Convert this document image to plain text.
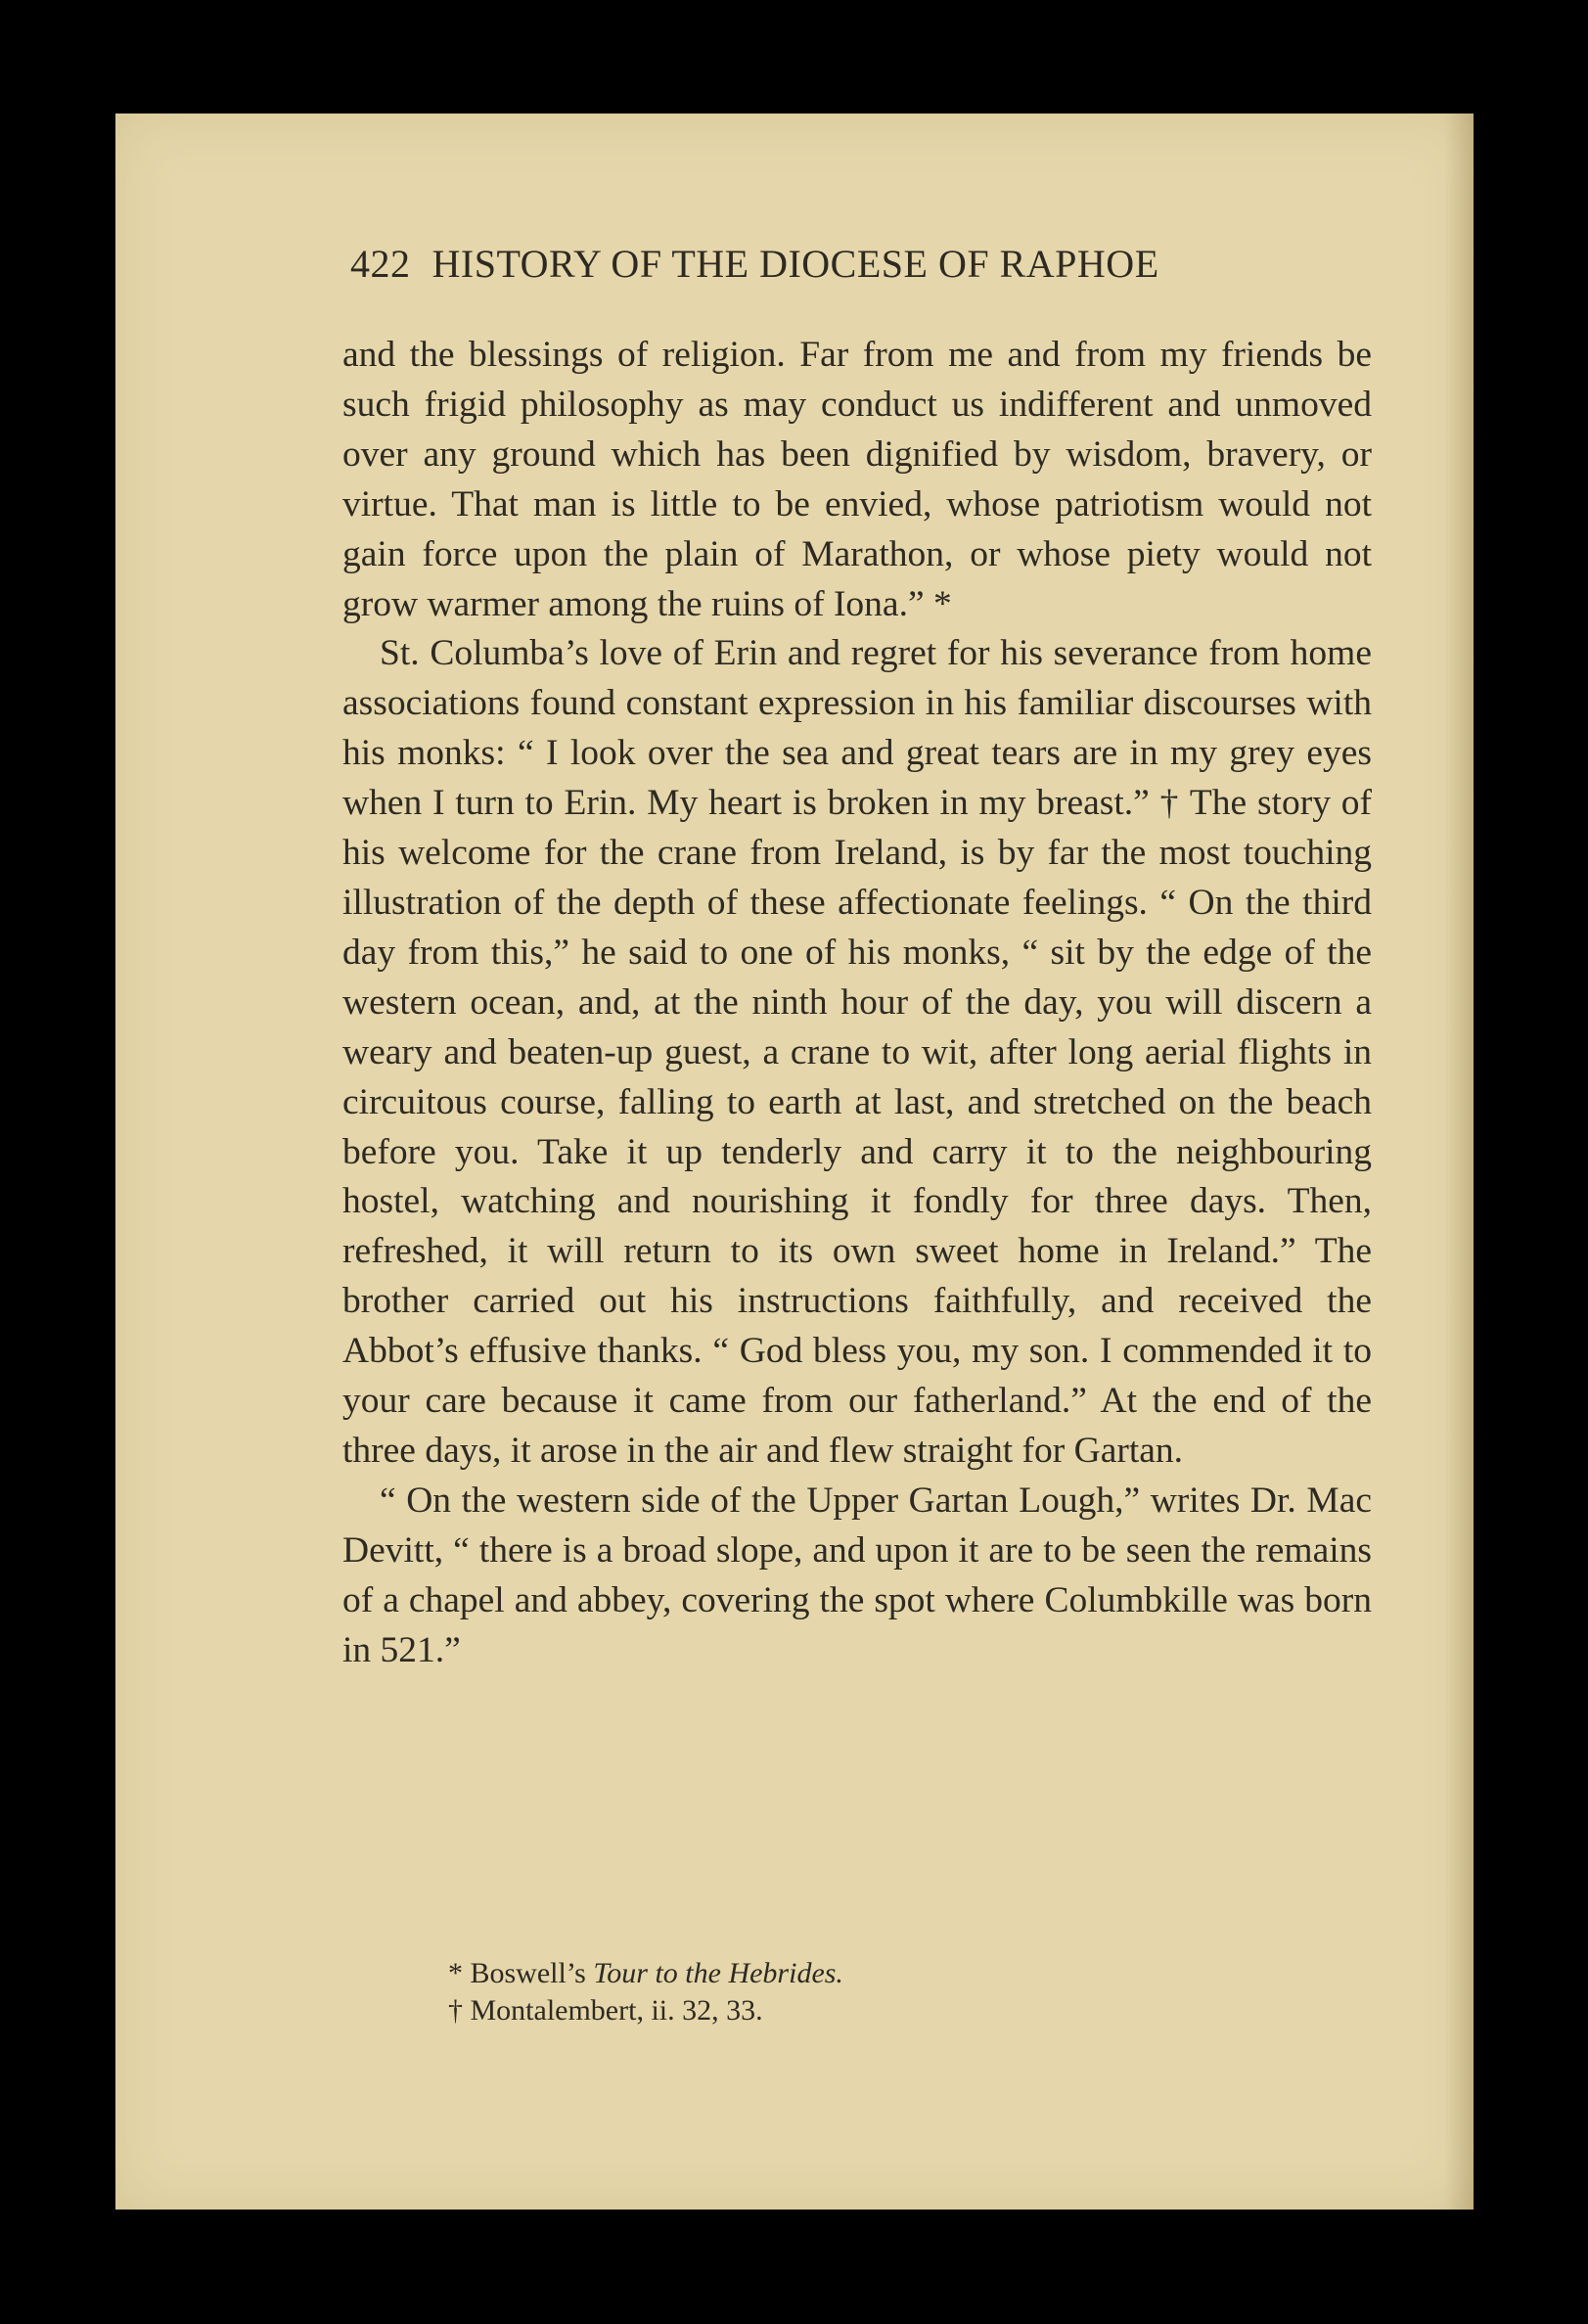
422 HISTORY OF THE DIOCESE OF RAPHOE

and the blessings of religion. Far from me and from my friends be such frigid philosophy as may conduct us indifferent and unmoved over any ground which has been dignified by wisdom, bravery, or virtue. That man is little to be envied, whose patriotism would not gain force upon the plain of Marathon, or whose piety would not grow warmer among the ruins of Iona.” *

St. Columba’s love of Erin and regret for his severance from home associations found constant expression in his familiar discourses with his monks: “ I look over the sea and great tears are in my grey eyes when I turn to Erin. My heart is broken in my breast.” † The story of his welcome for the crane from Ireland, is by far the most touching illustration of the depth of these affectionate feelings. “ On the third day from this,” he said to one of his monks, “ sit by the edge of the western ocean, and, at the ninth hour of the day, you will discern a weary and beaten-up guest, a crane to wit, after long aerial flights in circuitous course, falling to earth at last, and stretched on the beach before you. Take it up tenderly and carry it to the neighbouring hostel, watching and nourishing it fondly for three days. Then, refreshed, it will return to its own sweet home in Ireland.” The brother carried out his instructions faithfully, and received the Abbot’s effusive thanks. “ God bless you, my son. I commended it to your care because it came from our fatherland.” At the end of the three days, it arose in the air and flew straight for Gartan.

“ On the western side of the Upper Gartan Lough,” writes Dr. Mac Devitt, “ there is a broad slope, and upon it are to be seen the remains of a chapel and abbey, covering the spot where Columbkille was born in 521.”

* Boswell’s Tour to the Hebrides.
† Montalembert, ii. 32, 33.
